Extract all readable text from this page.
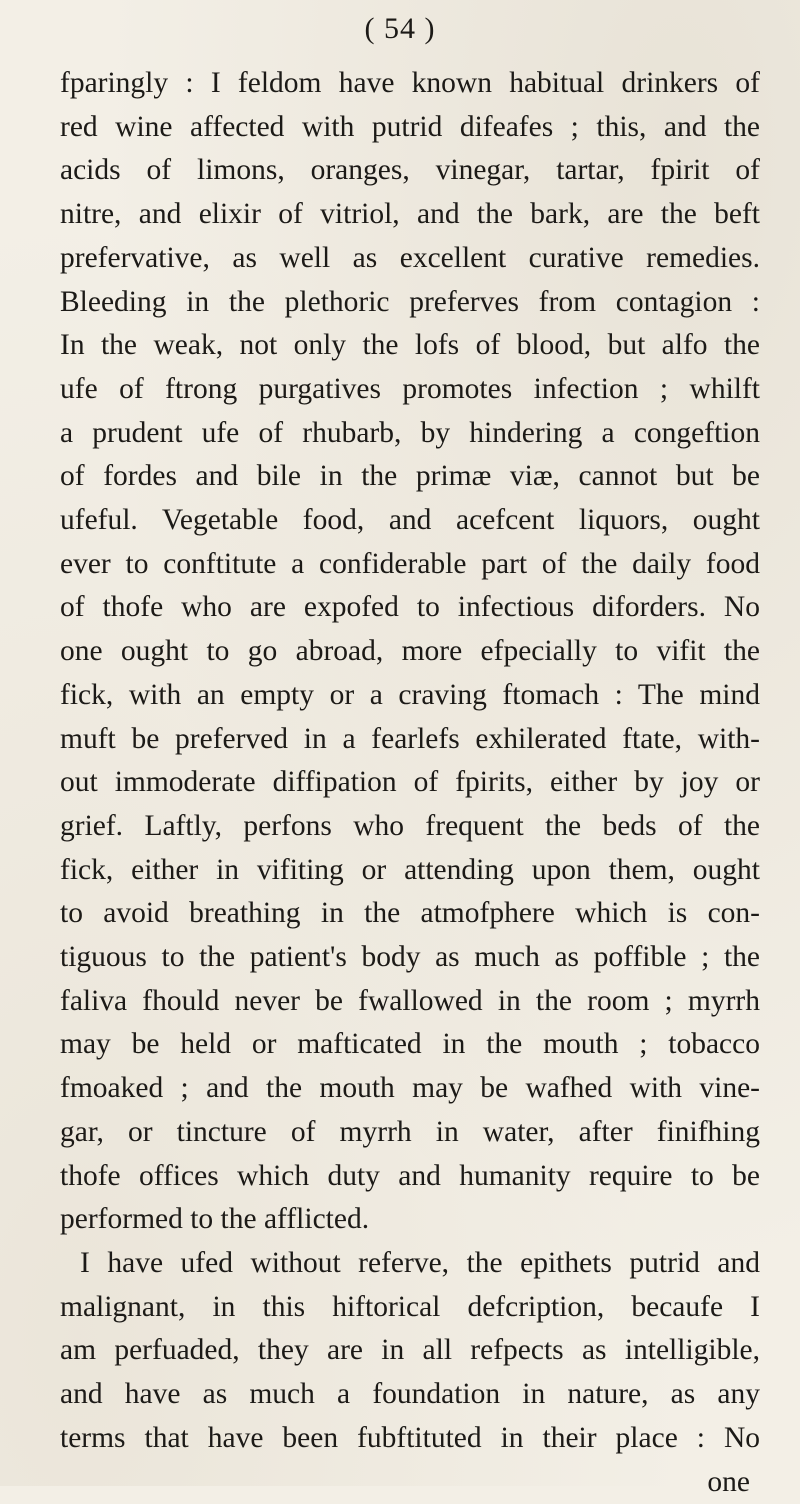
( 54 )
fparingly : I feldom have known habitual drinkers of
red wine affected with putrid difeafes ; this, and the
acids of limons, oranges, vinegar, tartar, fpirit of
nitre, and elixir of vitriol, and the bark, are the beft
prefervative, as well as excellent curative remedies.
Bleeding in the plethoric preferves from contagion :
In the weak, not only the lofs of blood, but alfo the
ufe of ftrong purgatives promotes infection ; whilft
a prudent ufe of rhubarb, by hindering a congeftion
of fordes and bile in the primæ viæ, cannot but be
ufeful. Vegetable food, and acefcent liquors, ought
ever to conftitute a confiderable part of the daily food
of thofe who are expofed to infectious diforders. No
one ought to go abroad, more efpecially to vifit the
fick, with an empty or a craving ftomach : The mind
muft be preferved in a fearlefs exhilerated ftate, with-
out immoderate diffipation of fpirits, either by joy or
grief. Laftly, perfons who frequent the beds of the
fick, either in vifiting or attending upon them, ought
to avoid breathing in the atmofphere which is con-
tiguous to the patient's body as much as poffible ; the
faliva fhould never be fwallowed in the room ; myrrh
may be held or mafticated in the mouth ; tobacco
fmoaked ; and the mouth may be wafhed with vine-
gar, or tincture of myrrh in water, after finifhing
thofe offices which duty and humanity require to be
performed to the afflicted.
I have ufed without referve, the epithets putrid and
malignant, in this hiftorical defcription, becaufe I
am perfuaded, they are in all refpects as intelligible,
and have as much a foundation in nature, as any
terms that have been fubftituted in their place : No
one
